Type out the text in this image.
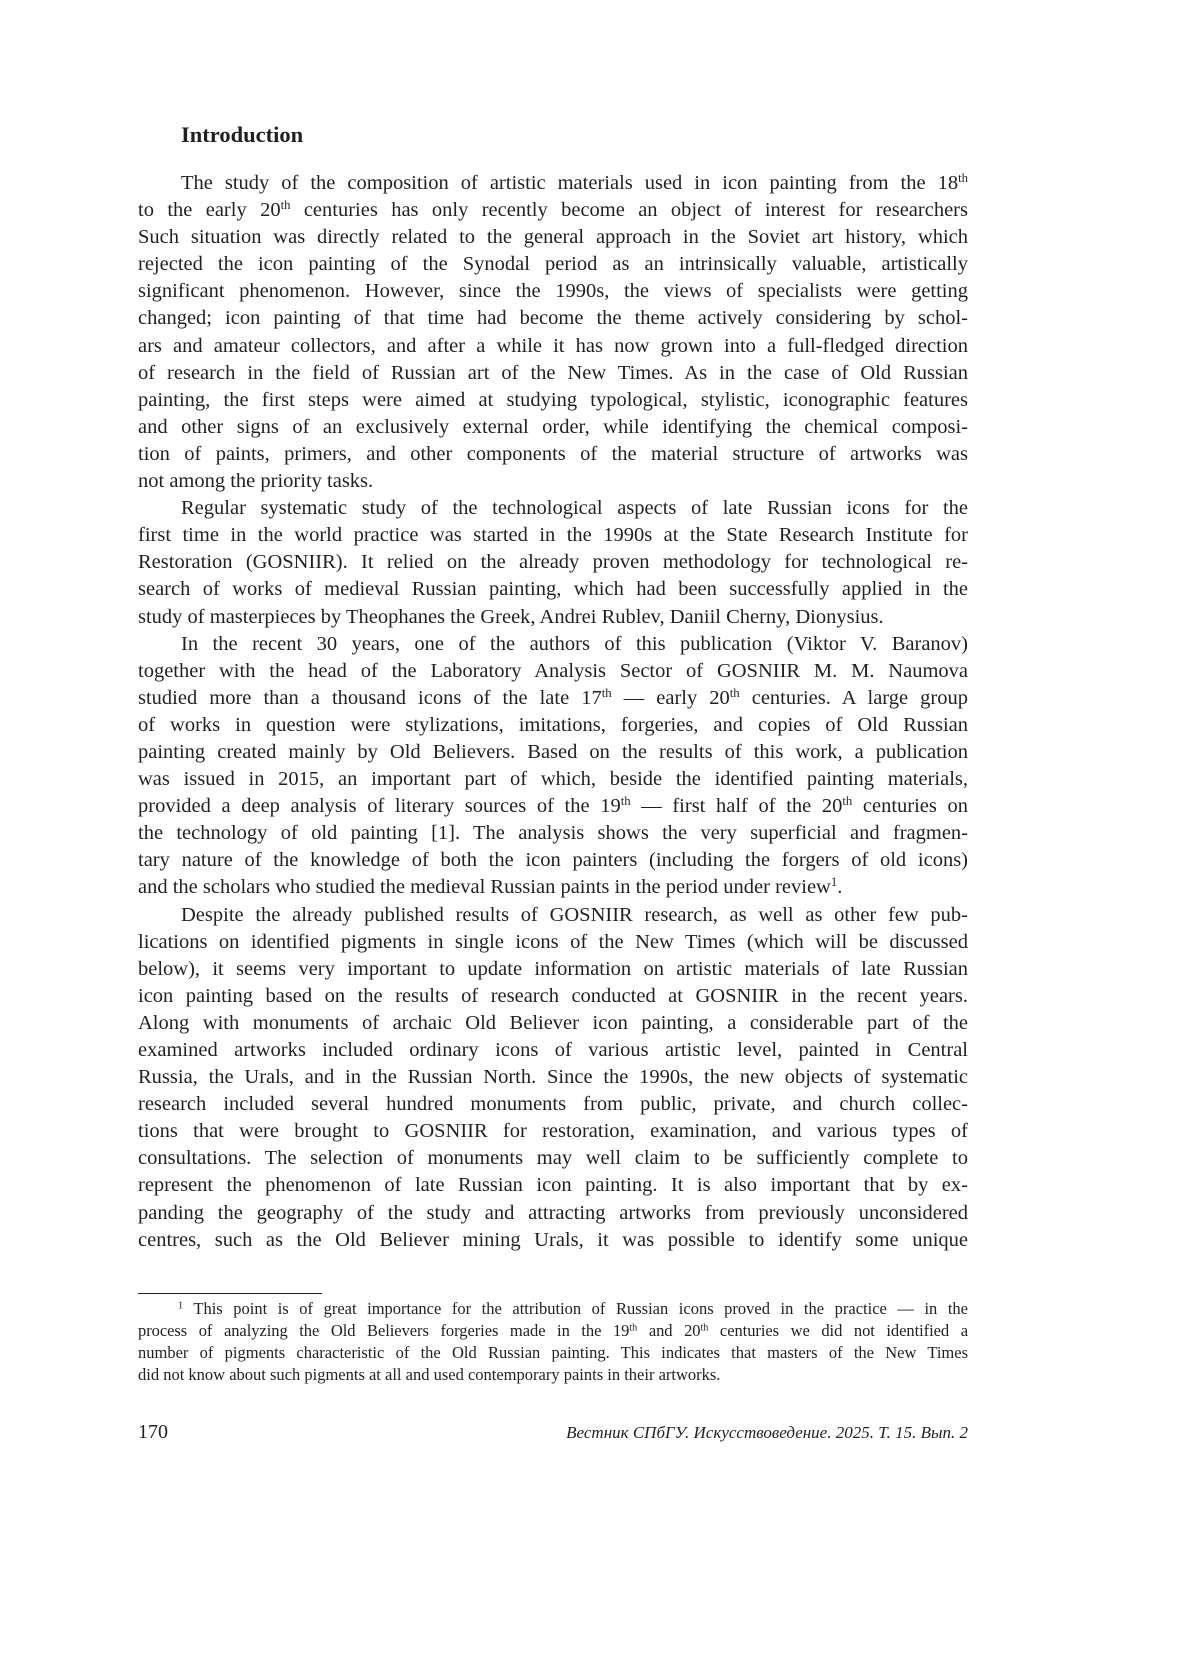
Introduction
The study of the composition of artistic materials used in icon painting from the 18th
to the early 20th centuries has only recently become an object of interest for researchers
Such situation was directly related to the general approach in the Soviet art history, which
rejected the icon painting of the Synodal period as an intrinsically valuable, artistically
significant phenomenon. However, since the 1990s, the views of specialists were getting
changed; icon painting of that time had become the theme actively considering by schol-
ars and amateur collectors, and after a while it has now grown into a full-fledged direction
of research in the field of Russian art of the New Times. As in the case of Old Russian
painting, the first steps were aimed at studying typological, stylistic, iconographic features
and other signs of an exclusively external order, while identifying the chemical composi-
tion of paints, primers, and other components of the material structure of artworks was
not among the priority tasks.
Regular systematic study of the technological aspects of late Russian icons for the
first time in the world practice was started in the 1990s at the State Research Institute for
Restoration (GOSNIIR). It relied on the already proven methodology for technological re-
search of works of medieval Russian painting, which had been successfully applied in the
study of masterpieces by Theophanes the Greek, Andrei Rublev, Daniil Cherny, Dionysius.
In the recent 30 years, one of the authors of this publication (Viktor V. Baranov)
together with the head of the Laboratory Analysis Sector of GOSNIIR M. M. Naumova
studied more than a thousand icons of the late 17th — early 20th centuries. A large group
of works in question were stylizations, imitations, forgeries, and copies of Old Russian
painting created mainly by Old Believers. Based on the results of this work, a publication
was issued in 2015, an important part of which, beside the identified painting materials,
provided a deep analysis of literary sources of the 19th — first half of the 20th centuries on
the technology of old painting [1]. The analysis shows the very superficial and fragmen-
tary nature of the knowledge of both the icon painters (including the forgers of old icons)
and the scholars who studied the medieval Russian paints in the period under review$^1$.
Despite the already published results of GOSNIIR research, as well as other few pub-
lications on identified pigments in single icons of the New Times (which will be discussed
below), it seems very important to update information on artistic materials of late Russian
icon painting based on the results of research conducted at GOSNIIR in the recent years.
Along with monuments of archaic Old Believer icon painting, a considerable part of the
examined artworks included ordinary icons of various artistic level, painted in Central
Russia, the Urals, and in the Russian North. Since the 1990s, the new objects of systematic
research included several hundred monuments from public, private, and church collec-
tions that were brought to GOSNIIR for restoration, examination, and various types of
consultations. The selection of monuments may well claim to be sufficiently complete to
represent the phenomenon of late Russian icon painting. It is also important that by ex-
panding the geography of the study and attracting artworks from previously unconsidered
centres, such as the Old Believer mining Urals, it was possible to identify some unique
$^1$ This point is of great importance for the attribution of Russian icons proved in the practice — in the
process of analyzing the Old Believers forgeries made in the 19th and 20th centuries we did not identified a
number of pigments characteristic of the Old Russian painting. This indicates that masters of the New Times
did not know about such pigments at all and used contemporary paints in their artworks.
170	Вестник СПбГУ. Искусствоведение. 2025. Т. 15. Вып. 2
